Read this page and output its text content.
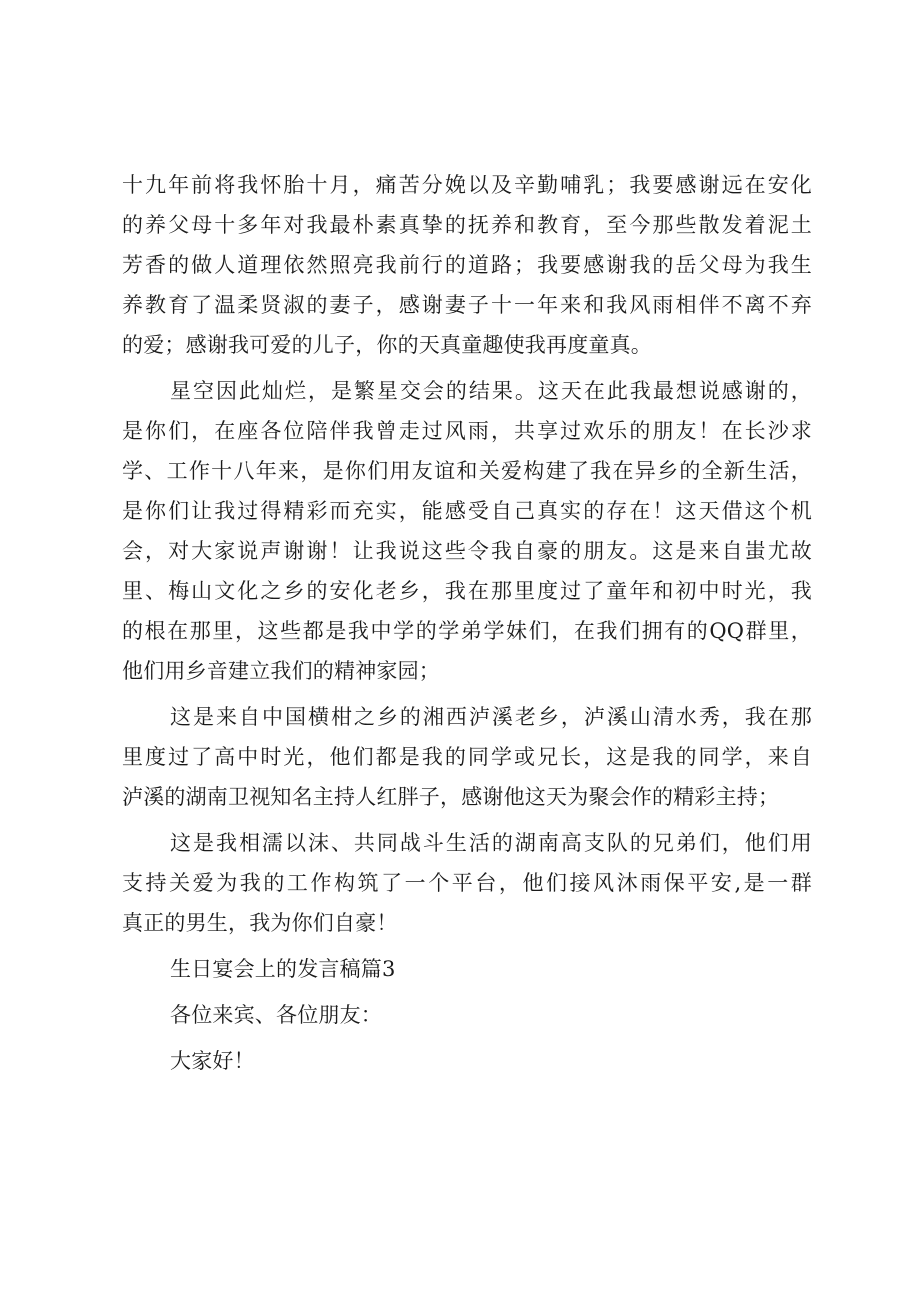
十九年前将我怀胎十月，痛苦分娩以及辛勤哺乳；我要感谢远在安化
的养父母十多年对我最朴素真挚的抚养和教育，至今那些散发着泥土
芳香的做人道理依然照亮我前行的道路；我要感谢我的岳父母为我生
养教育了温柔贤淑的妻子，感谢妻子十一年来和我风雨相伴不离不弃
的爱；感谢我可爱的儿子，你的天真童趣使我再度童真。
星空因此灿烂，是繁星交会的结果。这天在此我最想说感谢的，
是你们，在座各位陪伴我曾走过风雨，共享过欢乐的朋友！在长沙求
学、工作十八年来，是你们用友谊和关爱构建了我在异乡的全新生活，
是你们让我过得精彩而充实，能感受自己真实的存在！这天借这个机
会，对大家说声谢谢！让我说这些令我自豪的朋友。这是来自蚩尤故
里、梅山文化之乡的安化老乡，我在那里度过了童年和初中时光，我
的根在那里，这些都是我中学的学弟学妹们，在我们拥有的QQ群里，
他们用乡音建立我们的精神家园；
这是来自中国横柑之乡的湘西泸溪老乡，泸溪山清水秀，我在那
里度过了高中时光，他们都是我的同学或兄长，这是我的同学，来自
泸溪的湖南卫视知名主持人红胖子，感谢他这天为聚会作的精彩主持；
这是我相濡以沫、共同战斗生活的湖南高支队的兄弟们，他们用
支持关爱为我的工作构筑了一个平台，他们接风沐雨保平安,是一群
真正的男生，我为你们自豪！
生日宴会上的发言稿篇3
各位来宾、各位朋友：
大家好！
